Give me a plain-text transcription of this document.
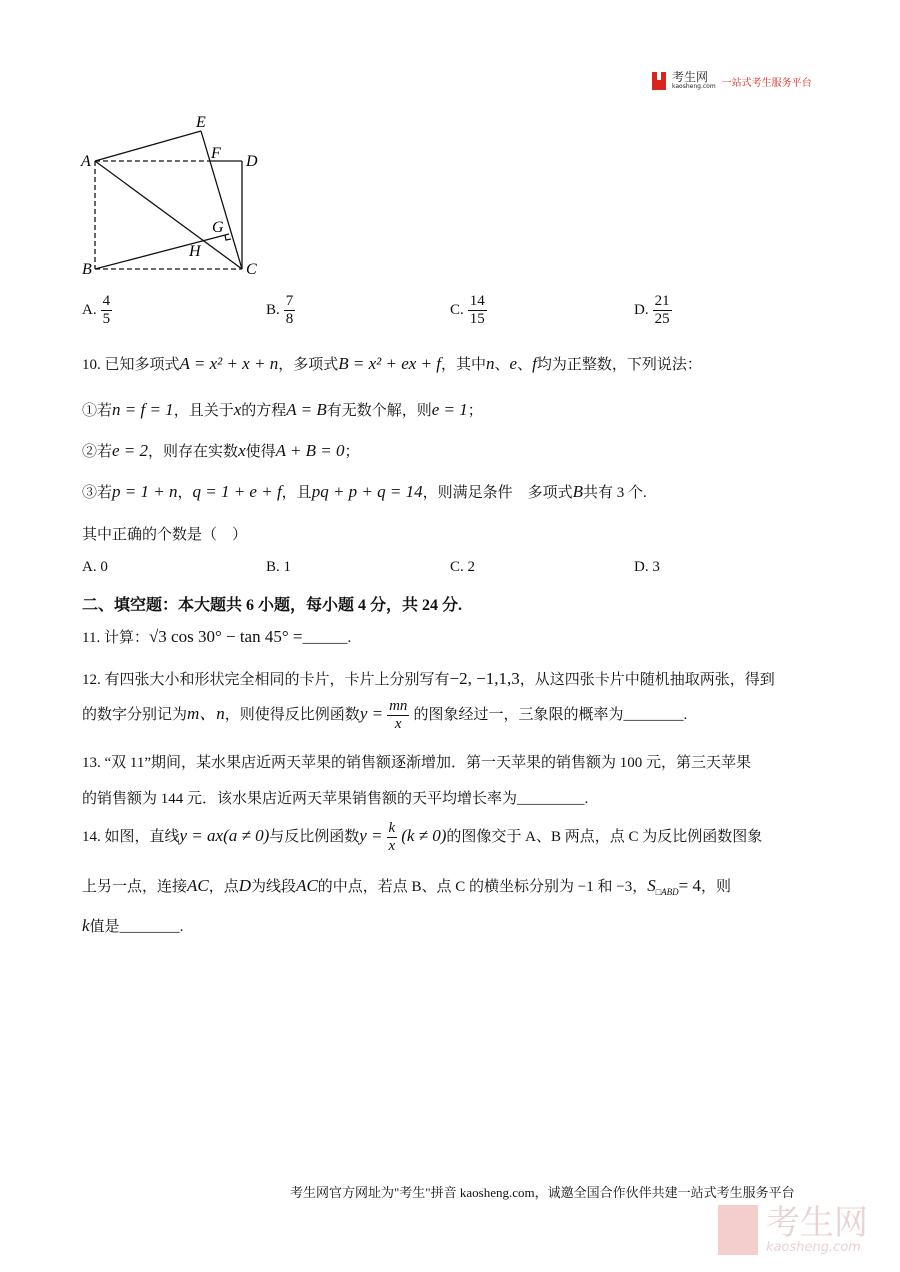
考生网
kaosheng.com 一站式考生服务平台
E
A	F D
G
H
B	C
A. $\frac{4}{5}$	B. $\frac{7}{8}$	C. $\frac{14}{15}$	D. $\frac{21}{25}$
10. 已知多项式A = x² + x + n，多项式B = x² + ex + f，其中n、e、f均为正整数，下列说法：
①若n = f = 1，且关于x的方程A = B有无数个解，则e = 1；
②若e = 2，则存在实数x使得A + B = 0；
③若p = 1 + n，q = 1 + e + f，且pq + p + q = 14，则满足条件　多项式B共有 3 个.
其中正确的个数是（　）
A. 0	B. 1	C. 2	D. 3
二、填空题：本大题共 6 小题，每小题 4 分，共 24 分.
11. 计算：√3 cos 30° − tan 45° =______.
12. 有四张大小和形状完全相同的卡片，卡片上分别写有−2, −1,1,3，从这四张卡片中随机抽取两张，得到
的数字分别记为m、n，则使得反比例函数$y = \frac{mn}{x}$ 的图象经过一，三象限的概率为________.
13. “双 11”期间，某水果店近两天苹果的销售额逐渐增加．第一天苹果的销售额为 100 元，第三天苹果
的销售额为 144 元．该水果店近两天苹果销售额的天平均增长率为_________.
14. 如图，直线y = ax(a ≠ 0)与反比例函数$y = \frac{k}{x} (k \ne 0)$的图像交于 A、B 两点，点 C 为反比例函数图象
上另一点，连接AC，点D为线段AC的中点，若点 B、点 C 的横坐标分别为 −1 和 −3，$S_{□ABD}= 4$，则
k值是________.
考生网官方网址为"考生"拼音 kaosheng.com，诚邀全国合作伙伴共建一站式考生服务平台
考生网
kaosheng.com
